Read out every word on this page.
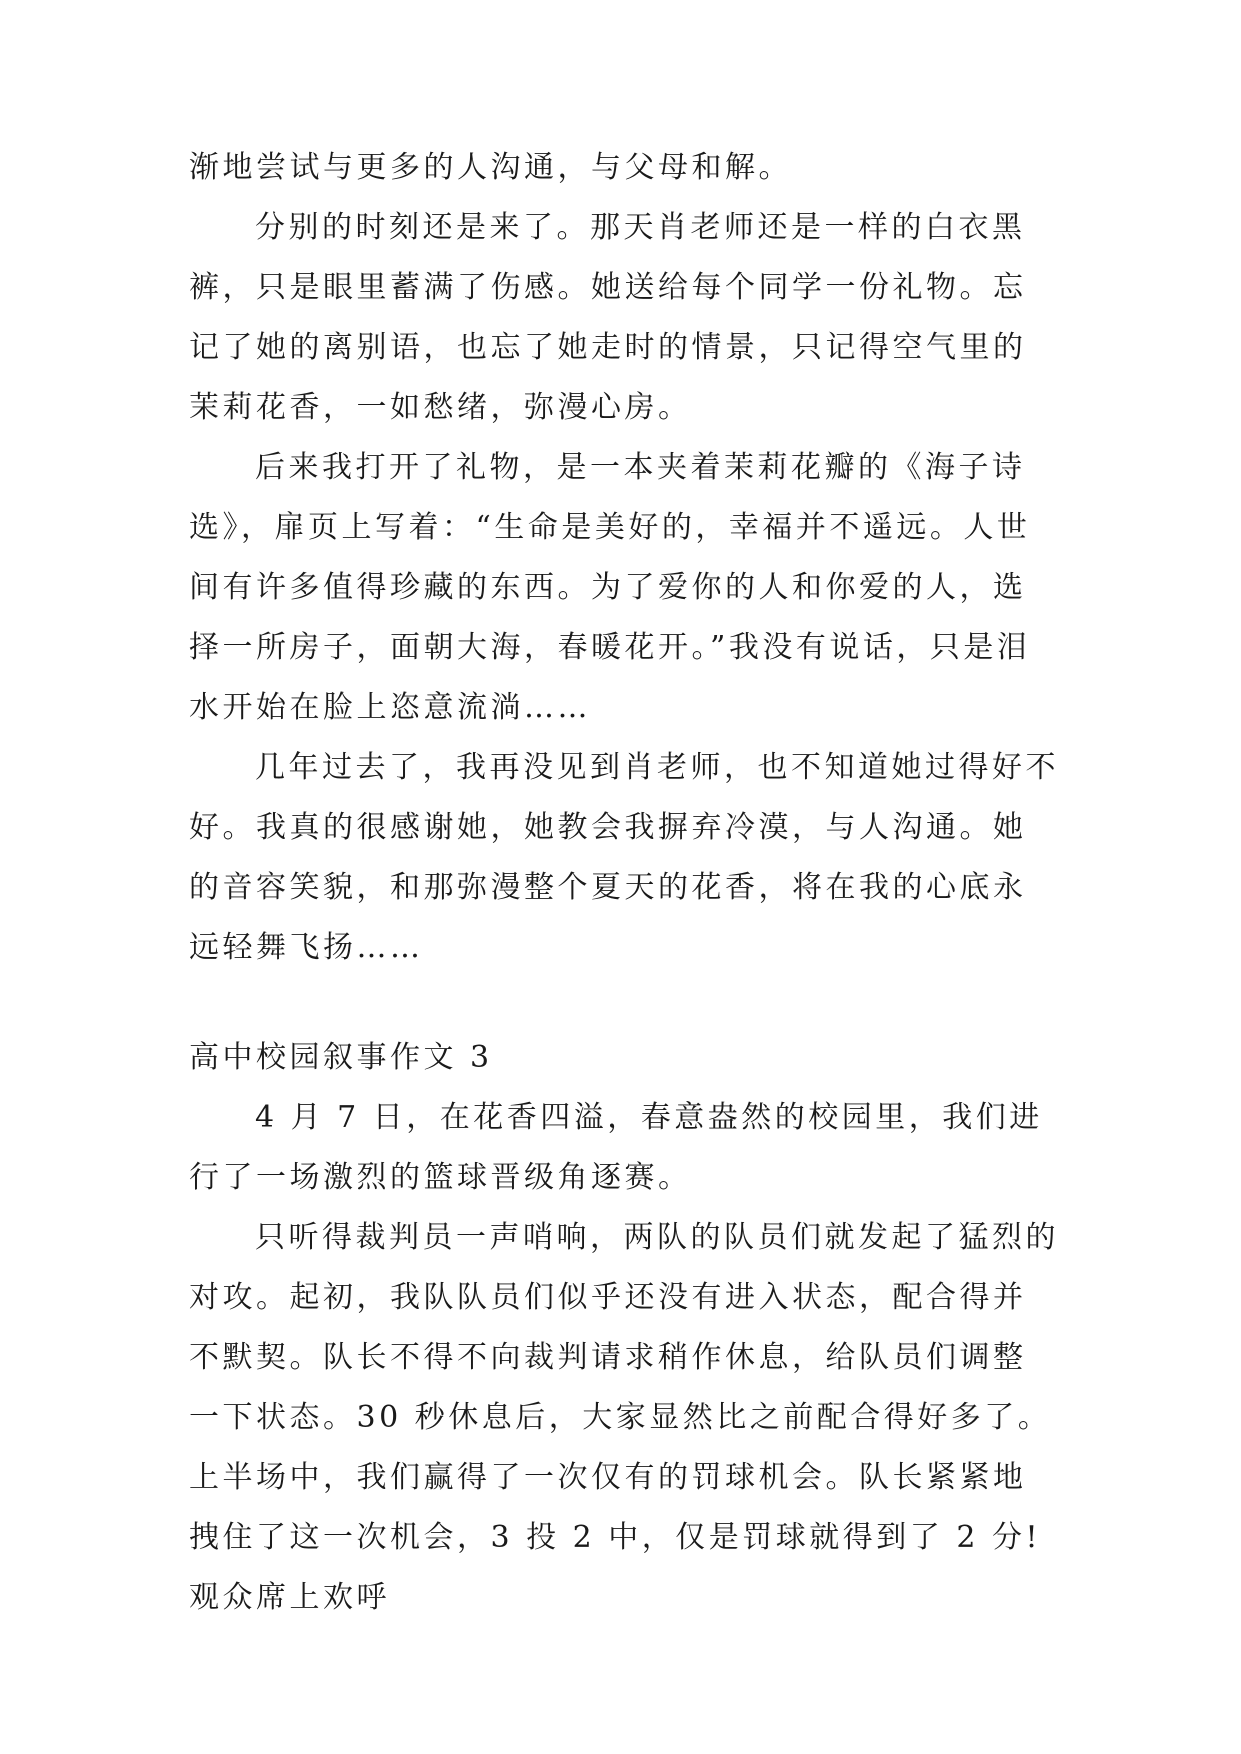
渐地尝试与更多的人沟通，与父母和解。

分别的时刻还是来了。那天肖老师还是一样的白衣黑裤，只是眼里蓄满了伤感。她送给每个同学一份礼物。忘记了她的离别语，也忘了她走时的情景，只记得空气里的茉莉花香，一如愁绪，弥漫心房。

后来我打开了礼物，是一本夹着茉莉花瓣的《海子诗选》，扉页上写着：“生命是美好的，幸福并不遥远。人世间有许多值得珍藏的东西。为了爱你的人和你爱的人，选择一所房子，面朝大海，春暖花开。”我没有说话，只是泪水开始在脸上恣意流淌……

几年过去了，我再没见到肖老师，也不知道她过得好不好。我真的很感谢她，她教会我摒弃冷漠，与人沟通。她的音容笑貌，和那弥漫整个夏天的花香，将在我的心底永远轻舞飞扬……

高中校园叙事作文 3

4 月 7 日，在花香四溢，春意盎然的校园里，我们进行了一场激烈的篮球晋级角逐赛。

只听得裁判员一声哨响，两队的队员们就发起了猛烈的对攻。起初，我队队员们似乎还没有进入状态，配合得并不默契。队长不得不向裁判请求稍作休息，给队员们调整一下状态。30 秒休息后，大家显然比之前配合得好多了。上半场中，我们赢得了一次仅有的罚球机会。队长紧紧地拽住了这一次机会，3 投 2 中，仅是罚球就得到了 2 分!观众席上欢呼
